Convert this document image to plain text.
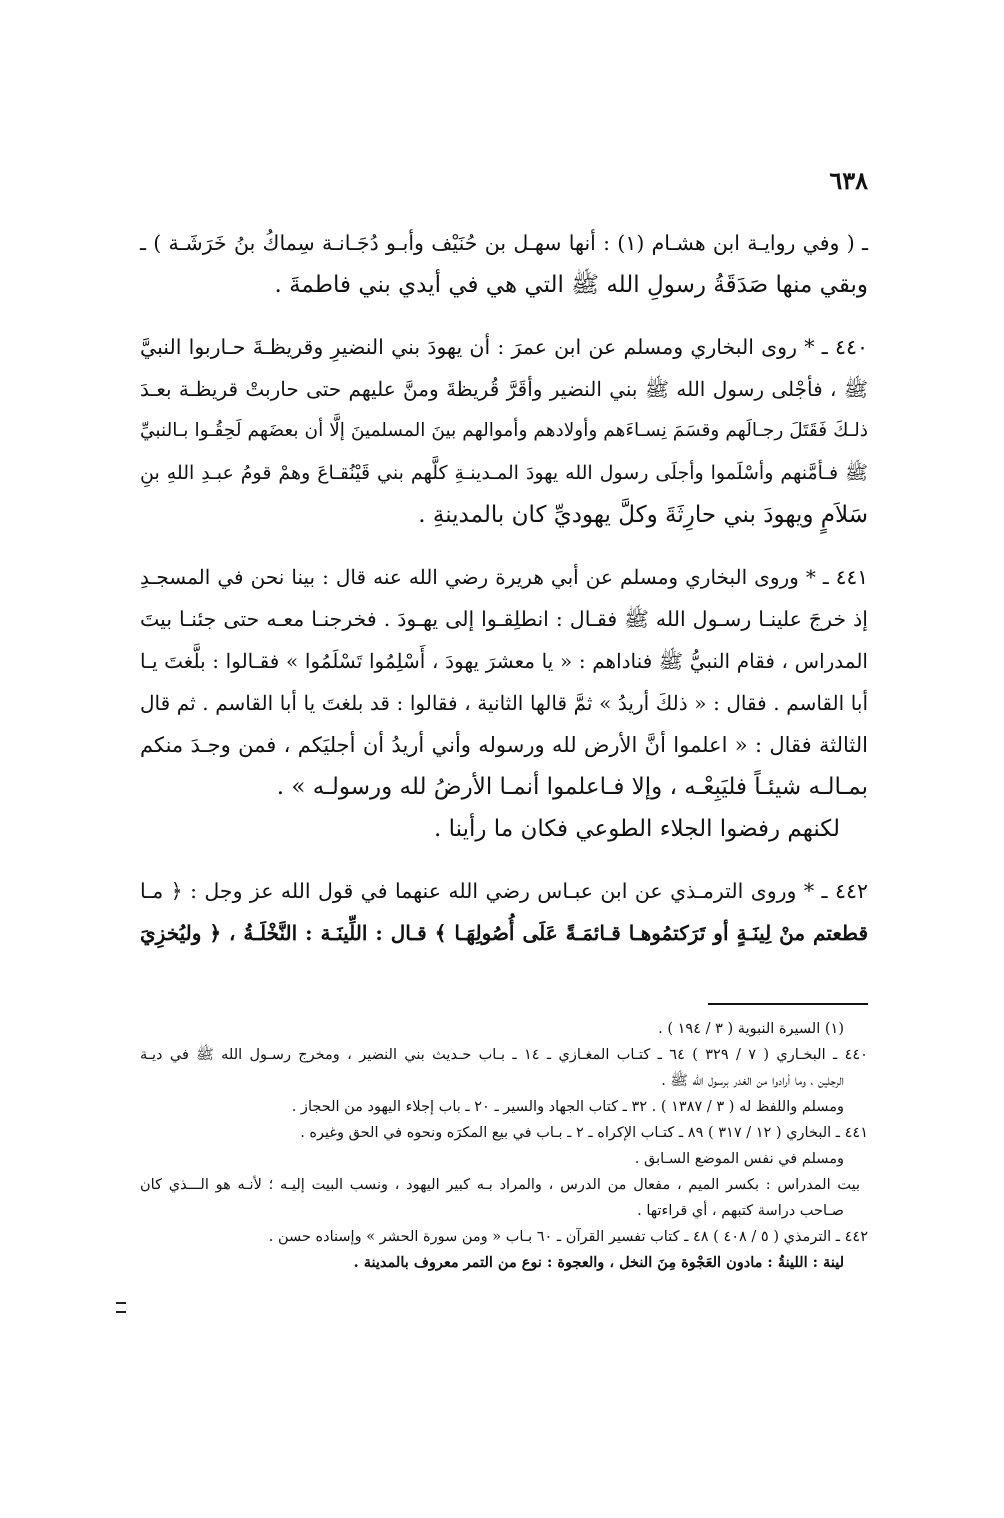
٦٣٨
ـ ( وفي روايـة ابن هشـام (١) : أنها سهـل بن حُنَيْف وأبـو دُجَـانـة سِماكُ بنُ خَرَشَـة ) ـ
وبقي منها صَدَقَةُ رسولِ الله ﷺ التي هي في أيدي بني فاطمةَ .
٤٤٠ ـ * روى البخاري ومسلم عن ابن عمرَ : أن يهودَ بني النضيرِ وقريظـةَ حـاربوا النبيَّ
ﷺ ، فأجْلى رسول الله ﷺ بني النضير وأقَرَّ قُريظةَ ومنَّ عليهم حتى حاربتْ قريظـة بعـدَ
ذلـكَ فَقَتَلَ رجـالَهم وقسَمَ نِسـاءَهم وأولادهم وأموالهم بينَ المسلمينَ إلَّا أن بعضَهم لَحِقُـوا بـالنبيِّ
ﷺ فـأمَّنهم وأسْلَموا وأجلَى رسول الله يهودَ المـدينـةِ كلَّهم بني قَيْنُقـاعَ وهمْ قومُ عبـدِ اللهِ بنِ
سَلاَمٍ ويهودَ بني حارِثَةَ وكلَّ يهوديِّ كان بالمدينةِ .
٤٤١ ـ * وروى البخاري ومسلم عن أبي هريرة رضي الله عنه قال : بينا نحن في المسجـدِ
إذ خرجَ علينـا رسـول الله ﷺ فقـال : انطلِقـوا إلى يهـودَ . فخرجنـا معـه حتى جئنـا بيتَ
المدراس ، فقام النبيُّ ﷺ فناداهم : « يا معشرَ يهودَ ، أَسْلِمُوا تَسْلَمُوا » فقـالوا : بلَّغتَ يـا
أبا القاسم . فقال : « ذلكَ أريدُ » ثمَّ قالها الثانية ، فقالوا : قد بلغتَ يا أبا القاسم . ثم قال
الثالثة فقال : « اعلموا أنَّ الأرض لله ورسوله وأني أريدُ أن أجليَكم ، فمن وجـدَ منكم
بمـالـه شيئـاً فليَبِعْـه ، وإلا فـاعلموا أنمـا الأرضُ لله ورسولـه » .
لكنهم رفضوا الجلاء الطوعي فكان ما رأينا .
٤٤٢ ـ * وروى الترمـذي عن ابن عبـاس رضي الله عنهما في قول الله عز وجل : ﴿ مـا
قطعتم منْ لِينَـةٍ أو تَرَكتمُوهـا قـائمَـةً عَلَى أُصُولِهَـا ﴾ قـال : اللِّينَـة : النَّخْلَـةُ ، ﴿ وليُخزِيَ
(١) السيرة النبوية ( ٣ / ١٩٤ ) .
٤٤٠ ـ البخـاري ( ٧ / ٣٢٩ ) ٦٤ ـ كتـاب المغـازي ـ ١٤ ـ بـاب حـديث بني النضير ، ومخرج رسـول الله ﷺ في ديـة
الرجلين ، وما أرادوا من الغدر برسول الله ﷺ .
ومسلم واللفظ له ( ٣ / ١٣٨٧ ) . ٣٢ ـ كتاب الجهاد والسير ـ ٢٠ ـ باب إجلاء اليهود من الحجاز .
٤٤١ ـ البخاري ( ١٢ / ٣١٧ ) ٨٩ ـ كتـاب الإكراه ـ ٢ ـ بـاب في بيع المكرَه ونحوه في الحق وغيره .
ومسلم في نفس الموضع السـابق .
بيت المدراس : بكسر الميم ، مفعال من الدرس ، والمراد بـه كبير اليهود ، ونسب البيت إليـه ؛ لأنـه هو الـــذي كان
صـاحب دراسة كتبهم ، أي قراءتها .
٤٤٢ ـ الترمذي ( ٥ / ٤٠٨ ) ٤٨ ـ كتاب تفسير القرآن ـ ٦٠ بـاب « ومن سورة الحشر » وإسناده حسن .
لينة : اللينةُ : مادون العَجْوة مِنَ النخل ، والعجوة : نوع من التمر معروف بالمدينة .
